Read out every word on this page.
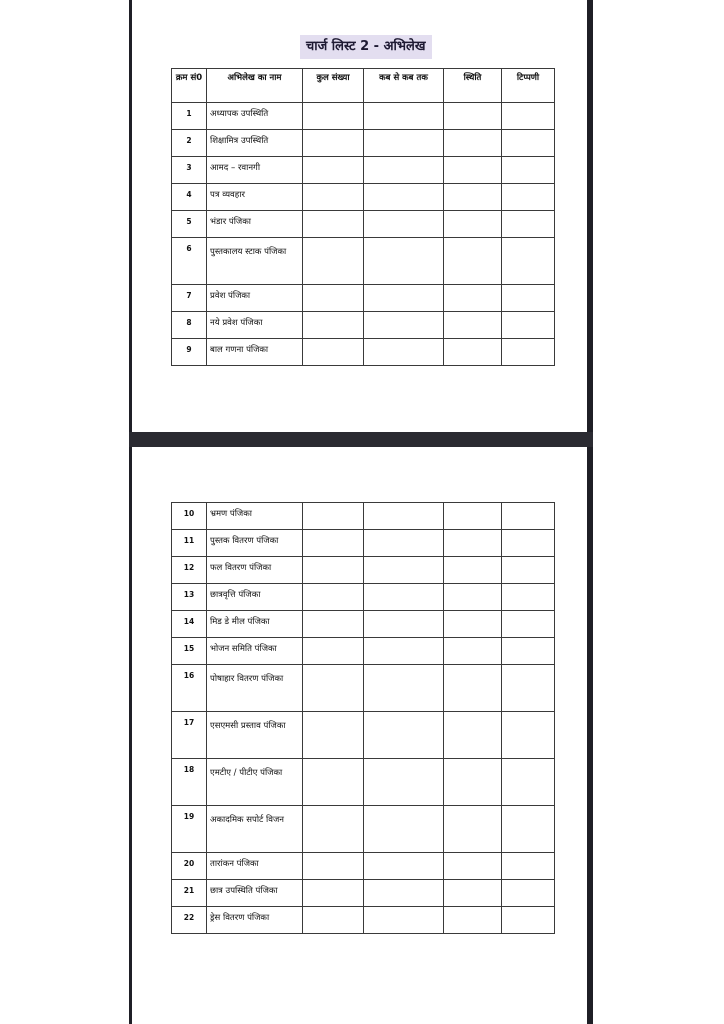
चार्ज लिस्ट 2 - अभिलेख
क्रम सं0	अभिलेख का नाम	कुल संख्या	कब से कब तक	स्थिति	टिप्पणी
1	अध्यापक उपस्थिति				
2	शिक्षामित्र उपस्थिति				
3	आमद – रवानगी				
4	पत्र व्यवहार				
5	भंडार पंजिका				
6	पुस्तकालय स्टाक पंजिका				
7	प्रवेश पंजिका				
8	नये प्रवेश पंजिका				
9	बाल गणना पंजिका				
10	भ्रमण पंजिका				
11	पुस्तक वितरण पंजिका				
12	फल वितरण पंजिका				
13	छात्रवृत्ति पंजिका				
14	मिड डे मील पंजिका				
15	भोजन समिति पंजिका				
16	पोषाहार वितरण पंजिका				
17	एसएमसी प्रस्ताव पंजिका				
18	एमटीए / पीटीए पंजिका				
19	अकादमिक सपोर्ट विजन				
20	तारांकन पंजिका				
21	छात्र उपस्थिति पंजिका				
22	ड्रेस वितरण पंजिका				
